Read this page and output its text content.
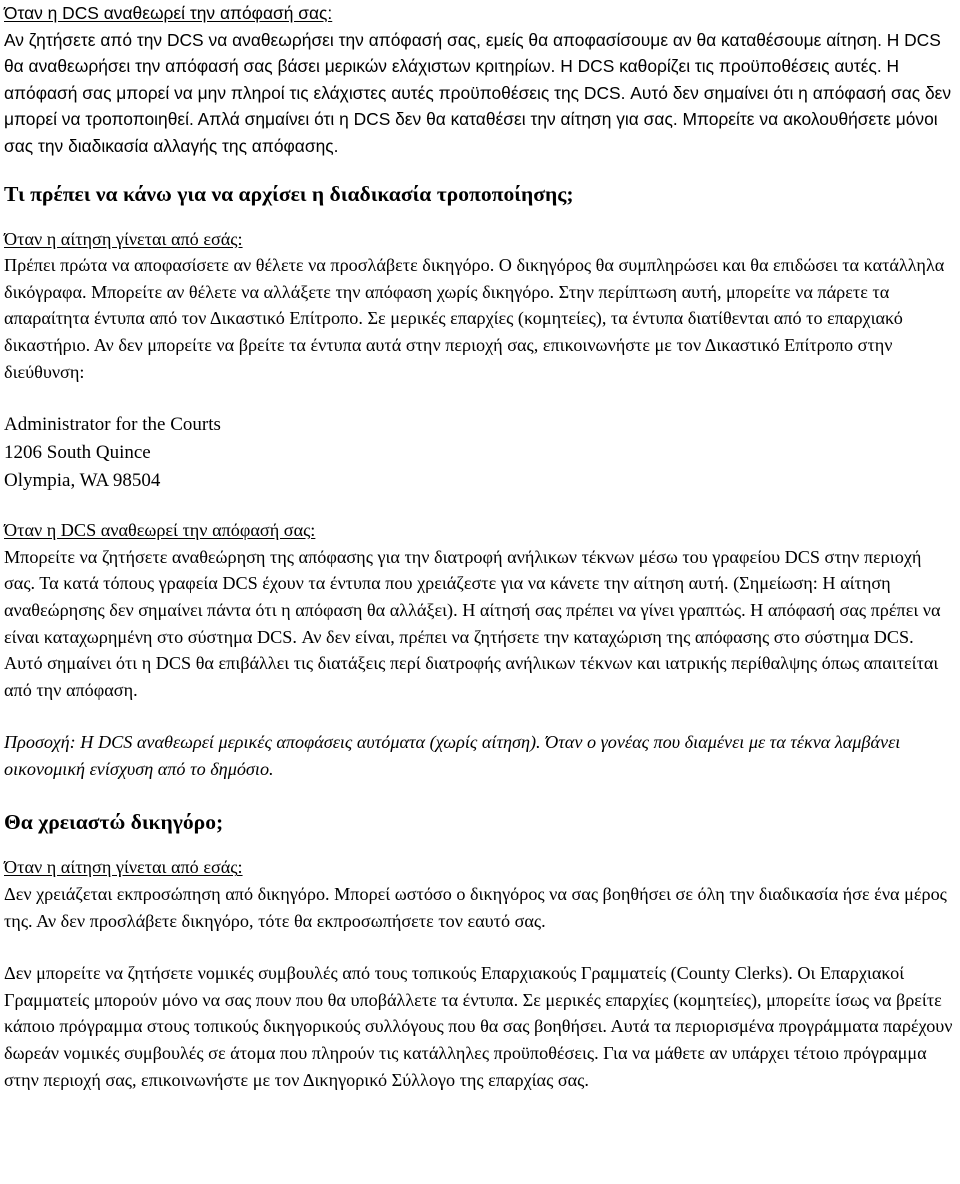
Όταν η DCS αναθεωρεί την απόφασή σας:

Αν ζητήσετε από την DCS να αναθεωρήσει την απόφασή σας, εμείς θα αποφασίσουμε αν θα καταθέσουμε αίτηση. Η DCS θα αναθεωρήσει την απόφασή σας βάσει μερικών ελάχιστων κριτηρίων. Η DCS καθορίζει τις προϋποθέσεις αυτές. Η απόφασή σας μπορεί να μην πληροί τις ελάχιστες αυτές προϋποθέσεις της DCS. Αυτό δεν σημαίνει ότι η απόφασή σας δεν μπορεί να τροποποιηθεί. Απλά σημαίνει ότι η DCS δεν θα καταθέσει την αίτηση για σας. Μπορείτε να ακολουθήσετε μόνοι σας την διαδικασία αλλαγής της απόφασης.

Τι πρέπει να κάνω για να αρχίσει η διαδικασία τροποποίησης;

Όταν η αίτηση γίνεται από εσάς:

Πρέπει πρώτα να αποφασίσετε αν θέλετε να προσλάβετε δικηγόρο. Ο δικηγόρος θα συμπληρώσει και θα επιδώσει τα κατάλληλα δικόγραφα. Μπορείτε αν θέλετε να αλλάξετε την απόφαση χωρίς δικηγόρο. Στην περίπτωση αυτή, μπορείτε να πάρετε τα απαραίτητα έντυπα από τον Δικαστικό Επίτροπο. Σε μερικές επαρχίες (κομητείες), τα έντυπα διατίθενται από το επαρχιακό δικαστήριο. Αν δεν μπορείτε να βρείτε τα έντυπα αυτά στην περιοχή σας, επικοινωνήστε με τον Δικαστικό Επίτροπο στην διεύθυνση:

Administrator for the Courts

1206 South Quince

Olympia, WA 98504

Όταν η DCS αναθεωρεί την απόφασή σας:

Μπορείτε να ζητήσετε αναθεώρηση της απόφασης για την διατροφή ανήλικων τέκνων μέσω του γραφείου DCS στην περιοχή σας. Τα κατά τόπους γραφεία DCS έχουν τα έντυπα που χρειάζεστε για να κάνετε την αίτηση αυτή. (Σημείωση: Η αίτηση αναθεώρησης δεν σημαίνει πάντα ότι η απόφαση θα αλλάξει). Η αίτησή σας πρέπει να γίνει γραπτώς. Η απόφασή σας πρέπει να είναι καταχωρημένη στο σύστημα DCS. Αν δεν είναι, πρέπει να ζητήσετε την καταχώριση της απόφασης στο σύστημα DCS. Αυτό σημαίνει ότι η DCS θα επιβάλλει τις διατάξεις περί διατροφής ανήλικων τέκνων και ιατρικής περίθαλψης όπως απαιτείται από την απόφαση.

Προσοχή: Η DCS αναθεωρεί μερικές αποφάσεις αυτόματα (χωρίς αίτηση). Όταν ο γονέας που διαμένει με τα τέκνα λαμβάνει οικονομική ενίσχυση από το δημόσιο.

Θα χρειαστώ δικηγόρο;

Όταν η αίτηση γίνεται από εσάς:

Δεν χρειάζεται εκπροσώπηση από δικηγόρο. Μπορεί ωστόσο ο δικηγόρος να σας βοηθήσει σε όλη την διαδικασία ήσε ένα μέρος της. Αν δεν προσλάβετε δικηγόρο, τότε θα εκπροσωπήσετε τον εαυτό σας.

Δεν μπορείτε να ζητήσετε νομικές συμβουλές από τους τοπικούς Επαρχιακούς Γραμματείς (County Clerks). Οι Επαρχιακοί Γραμματείς μπορούν μόνο να σας πουν που θα υποβάλλετε τα έντυπα. Σε μερικές επαρχίες (κομητείες), μπορείτε ίσως να βρείτε κάποιο πρόγραμμα στους τοπικούς δικηγορικούς συλλόγους που θα σας βοηθήσει. Αυτά τα περιορισμένα προγράμματα παρέχουν δωρεάν νομικές συμβουλές σε άτομα που πληρούν τις κατάλληλες προϋποθέσεις. Για να μάθετε αν υπάρχει τέτοιο πρόγραμμα στην περιοχή σας, επικοινωνήστε με τον Δικηγορικό Σύλλογο της επαρχίας σας.
